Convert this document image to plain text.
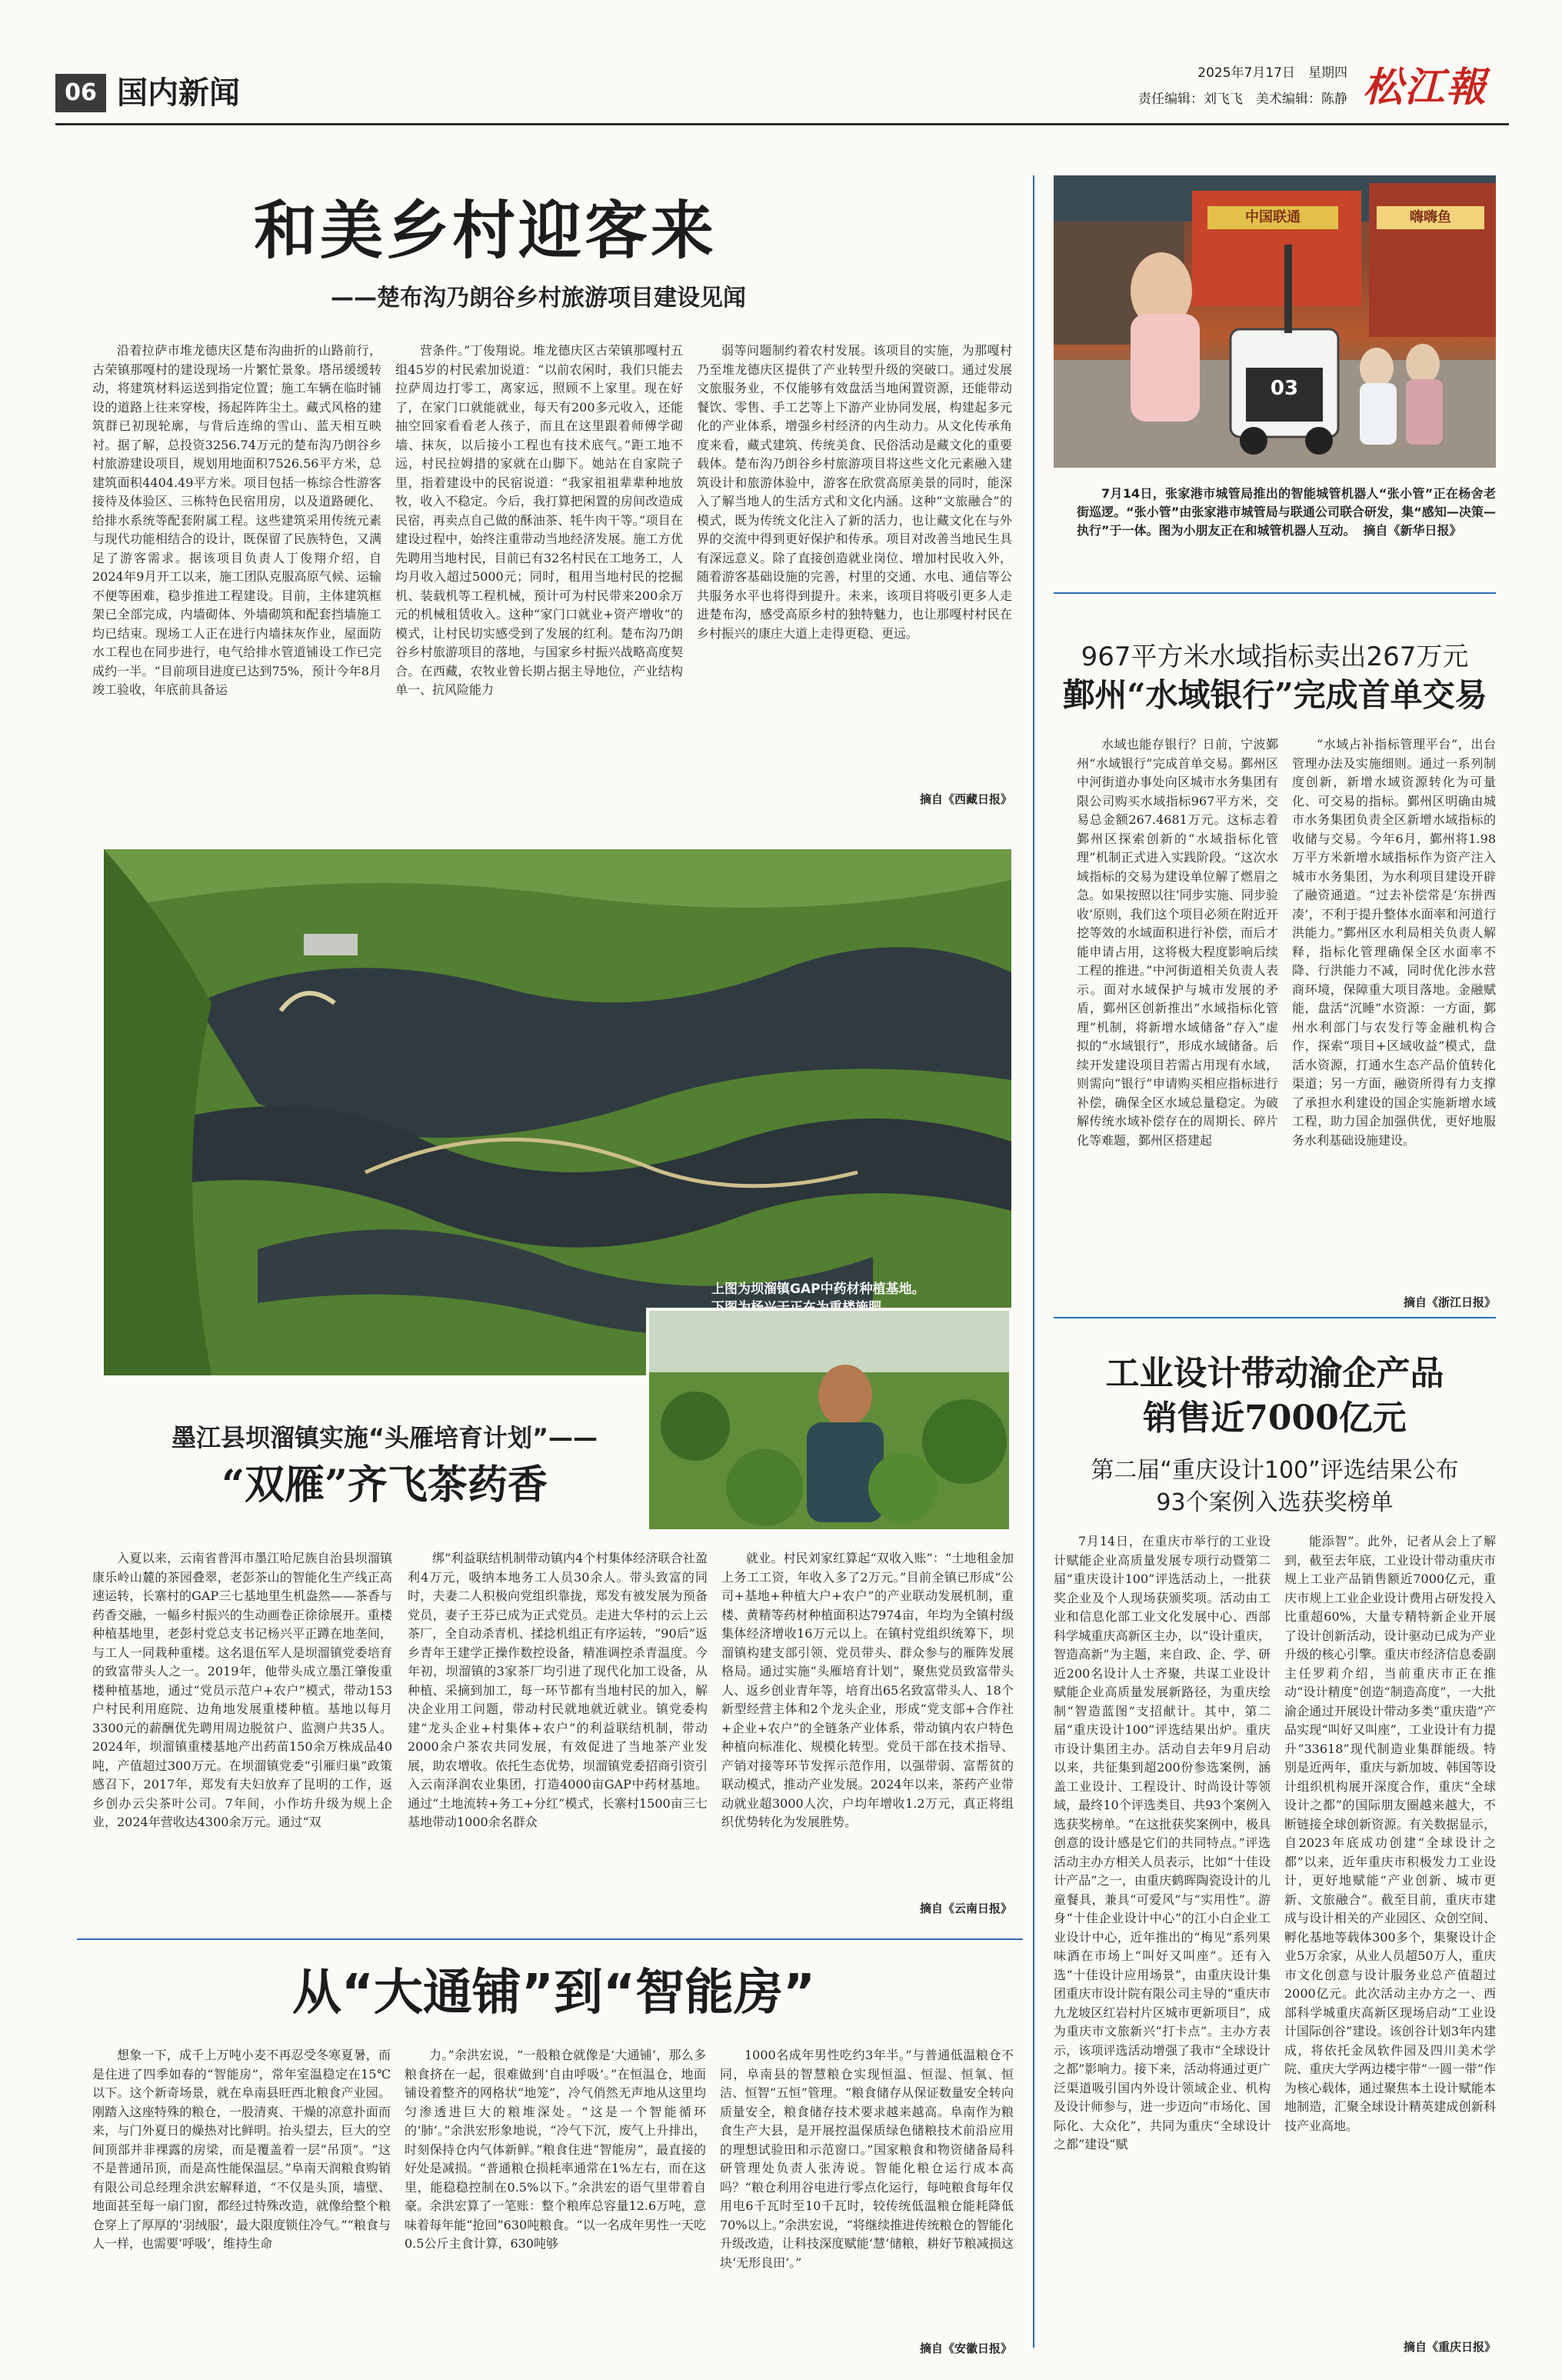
06 国内新闻
2025年7月17日　星期四
责任编辑：刘飞飞　美术编辑：陈静 松江報
和美乡村迎客来
——楚布沟乃朗谷乡村旅游项目建设见闻
沿着拉萨市堆龙德庆区楚布沟曲折的山路前行，古荣镇那嘎村的建设现场一片繁忙景象。塔吊缓缓转动，将建筑材料运送到指定位置；施工车辆在临时铺设的道路上往来穿梭，扬起阵阵尘土。藏式风格的建筑群已初现轮廓，与背后连绵的雪山、蓝天相互映衬。据了解，总投资3256.74万元的楚布沟乃朗谷乡村旅游建设项目，规划用地面积7526.56平方米，总建筑面积4404.49平方米。项目包括一栋综合性游客接待及体验区、三栋特色民宿用房，以及道路硬化、给排水系统等配套附属工程。这些建筑采用传统元素与现代功能相结合的设计，既保留了民族特色，又满足了游客需求。据该项目负责人丁俊翔介绍，自2024年9月开工以来，施工团队克服高原气候、运输不便等困难，稳步推进工程建设。目前，主体建筑框架已全部完成，内墙砌体、外墙砌筑和配套挡墙施工均已结束。现场工人正在进行内墙抹灰作业，屋面防水工程也在同步进行，电气给排水管道铺设工作已完成约一半。“目前项目进度已达到75%，预计今年8月竣工验收，年底前具备运
营条件。”丁俊翔说。堆龙德庆区古荣镇那嘎村五组45岁的村民索加说道：“以前农闲时，我们只能去拉萨周边打零工，离家远，照顾不上家里。现在好了，在家门口就能就业，每天有200多元收入，还能抽空回家看看老人孩子，而且在这里跟着师傅学砌墙、抹灰，以后接小工程也有技术底气。”距工地不远，村民拉姆措的家就在山脚下。她站在自家院子里，指着建设中的民宿说道：“我家祖祖辈辈种地放牧，收入不稳定。今后，我打算把闲置的房间改造成民宿，再卖点自己做的酥油茶、牦牛肉干等。”项目在建设过程中，始终注重带动当地经济发展。施工方优先聘用当地村民，目前已有32名村民在工地务工，人均月收入超过5000元；同时，租用当地村民的挖掘机、装载机等工程机械，预计可为村民带来200余万元的机械租赁收入。这种“家门口就业+资产增收”的模式，让村民切实感受到了发展的红利。楚布沟乃朗谷乡村旅游项目的落地，与国家乡村振兴战略高度契合。在西藏，农牧业曾长期占据主导地位，产业结构单一、抗风险能力
弱等问题制约着农村发展。该项目的实施，为那嘎村乃至堆龙德庆区提供了产业转型升级的突破口。通过发展文旅服务业，不仅能够有效盘活当地闲置资源，还能带动餐饮、零售、手工艺等上下游产业协同发展，构建起多元化的产业体系，增强乡村经济的内生动力。从文化传承角度来看，藏式建筑、传统美食、民俗活动是藏文化的重要载体。楚布沟乃朗谷乡村旅游项目将这些文化元素融入建筑设计和旅游体验中，游客在欣赏高原美景的同时，能深入了解当地人的生活方式和文化内涵。这种“文旅融合”的模式，既为传统文化注入了新的活力，也让藏文化在与外界的交流中得到更好保护和传承。项目对改善当地民生具有深远意义。除了直接创造就业岗位、增加村民收入外，随着游客基础设施的完善，村里的交通、水电、通信等公共服务水平也将得到提升。未来，该项目将吸引更多人走进楚布沟，感受高原乡村的独特魅力，也让那嘎村村民在乡村振兴的康庄大道上走得更稳、更远。
摘自《西藏日报》
中国联通	嗨嗨鱼
03
7月14日，张家港市城管局推出的智能城管机器人“张小管”正在杨舍老街巡逻。“张小管”由张家港市城管局与联通公司联合研发，集“感知—决策—执行”于一体。图为小朋友正在和城管机器人互动。 摘自《新华日报》
967平方米水域指标卖出267万元
鄞州“水域银行”完成首单交易
水域也能存银行？日前，宁波鄞州“水域银行”完成首单交易。鄞州区中河街道办事处向区城市水务集团有限公司购买水域指标967平方米，交易总金额267.4681万元。这标志着鄞州区探索创新的“水域指标化管理”机制正式进入实践阶段。“这次水域指标的交易为建设单位解了燃眉之急。如果按照以往‘同步实施、同步验收’原则，我们这个项目必须在附近开挖等效的水域面积进行补偿，而后才能申请占用，这将极大程度影响后续工程的推进。”中河街道相关负责人表示。面对水域保护与城市发展的矛盾，鄞州区创新推出“水域指标化管理”机制，将新增水域储备“存入”虚拟的“水域银行”，形成水域储备。后续开发建设项目若需占用现有水域，则需向“银行”申请购买相应指标进行补偿，确保全区水域总量稳定。为破解传统水域补偿存在的周期长、碎片化等难题，鄞州区搭建起
“水域占补指标管理平台”，出台管理办法及实施细则。通过一系列制度创新，新增水域资源转化为可量化、可交易的指标。鄞州区明确由城市水务集团负责全区新增水域指标的收储与交易。今年6月，鄞州将1.98万平方米新增水域指标作为资产注入城市水务集团，为水利项目建设开辟了融资通道。“过去补偿常是‘东拼西凑’，不利于提升整体水面率和河道行洪能力。”鄞州区水利局相关负责人解释，指标化管理确保全区水面率不降、行洪能力不减，同时优化涉水营商环境，保障重大项目落地。金融赋能，盘活“沉睡”水资源：一方面，鄞州水利部门与农发行等金融机构合作，探索“项目+区域收益”模式，盘活水资源，打通水生态产品价值转化渠道；另一方面，融资所得有力支撑了承担水利建设的国企实施新增水域工程，助力国企加强供优，更好地服务水利基础设施建设。
摘自《浙江日报》
上图为坝溜镇GAP中药材种植基地。
墨江县坝溜镇实施“头雁培育计划”——
“双雁”齐飞茶药香
入夏以来，云南省普洱市墨江哈尼族自治县坝溜镇康乐岭山麓的茶园叠翠，老彭茶山的智能化生产线正高速运转，长寨村的GAP三七基地里生机盎然——茶香与药香交融，一幅乡村振兴的生动画卷正徐徐展开。重楼种植基地里，老彭村党总支书记杨兴平正蹲在地垄间，与工人一同栽种重楼。这名退伍军人是坝溜镇党委培育的致富带头人之一。2019年，他带头成立墨江肇俊重楼种植基地，通过“党员示范户+农户”模式，带动153户村民利用庭院、边角地发展重楼种植。基地以每月3300元的薪酬优先聘用周边脱贫户、监测户共35人。2024年，坝溜镇重楼基地产出药苗150余万株成品40吨，产值超过300万元。在坝溜镇党委“引雁归巢”政策感召下，2017年，郑发有夫妇放弃了昆明的工作，返乡创办云尖茶叶公司。7年间，小作坊升级为规上企业，2024年营收达4300余万元。通过“双
绑”利益联结机制带动镇内4个村集体经济联合社盈利4万元，吸纳本地务工人员30余人。带头致富的同时，夫妻二人积极向党组织靠拢，郑发有被发展为预备党员，妻子王芬已成为正式党员。走进大华村的云上云茶厂，全自动杀青机、揉捻机组正有序运转，“90后”返乡青年王建学正操作数控设备，精准调控杀青温度。今年初，坝溜镇的3家茶厂均引进了现代化加工设备，从种植、采摘到加工，每一环节都有当地村民的加入，解决企业用工问题，带动村民就地就近就业。镇党委构建“龙头企业+村集体+农户”的利益联结机制，带动2000余户茶农共同发展，有效促进了当地茶产业发展，助农增收。依托生态优势，坝溜镇党委招商引资引入云南泽润农业集团，打造4000亩GAP中药材基地。通过“土地流转+务工+分红”模式，长寨村1500亩三七基地带动1000余名群众
就业。村民刘家红算起“双收入账”：“土地租金加上务工工资，年收入多了2万元。”目前全镇已形成“公司+基地+种植大户+农户”的产业联动发展机制，重楼、黄精等药材种植面积达7974亩，年均为全镇村级集体经济增收16万元以上。在镇村党组织统筹下，坝溜镇构建支部引领、党员带头、群众参与的雁阵发展格局。通过实施“头雁培育计划”，聚焦党员致富带头人、返乡创业青年等，培育出65名致富带头人、18个新型经营主体和2个龙头企业，形成“党支部+合作社+企业+农户”的全链条产业体系，带动镇内农户特色种植向标准化、规模化转型。党员干部在技术指导、产销对接等环节发挥示范作用，以强带弱、富帮贫的联动模式，推动产业发展。2024年以来，茶药产业带动就业超3000人次，户均年增收1.2万元，真正将组织优势转化为发展胜势。
摘自《云南日报》
从“大通铺”到“智能房”
想象一下，成千上万吨小麦不再忍受冬寒夏暑，而是住进了四季如春的“智能房”，常年室温稳定在15℃以下。这个新奇场景，就在阜南县旺西北粮食产业园。刚踏入这座特殊的粮仓，一股清爽、干燥的凉意扑面而来，与门外夏日的燥热对比鲜明。抬头望去，巨大的空间顶部并非裸露的房梁，而是覆盖着一层“吊顶”。“这不是普通吊顶，而是高性能保温层。”阜南天润粮食购销有限公司总经理余洪宏解释道，“不仅是头顶，墙壁、地面甚至每一扇门窗，都经过特殊改造，就像给整个粮仓穿上了厚厚的‘羽绒服’，最大限度锁住冷气。”“粮食与人一样，也需要‘呼吸’，维持生命
力。”余洪宏说，“一般粮仓就像是‘大通铺’，那么多粮食挤在一起，很难做到‘自由呼吸’。”在恒温仓，地面铺设着整齐的网格状“地笼”，冷气俏然无声地从这里均匀渗透进巨大的粮堆深处。“这是一个智能循环的‘肺’。”余洪宏形象地说，“冷气下沉，废气上升排出，时刻保持仓内气体新鲜。”粮食住进“智能房”，最直接的好处是减损。“普通粮仓损耗率通常在1%左右，而在这里，能稳稳控制在0.5%以下。”余洪宏的语气里带着自豪。余洪宏算了一笔账：整个粮库总容量12.6万吨，意味着每年能“抢回”630吨粮食。“以一名成年男性一天吃0.5公斤主食计算，630吨够
1000名成年男性吃约3年半。”与普通低温粮仓不同，阜南县的智慧粮仓实现恒温、恒湿、恒氧、恒洁、恒智“五恒”管理。“粮食储存从保证数量安全转向质量安全，粮食储存技术要求越来越高。阜南作为粮食生产大县，是开展控温保质绿色储粮技术前沿应用的理想试验田和示范窗口。”国家粮食和物资储备局科研管理处负责人张涛说。智能化粮仓运行成本高吗？“粮仓利用谷电进行零点化运行，每吨粮食每年仅用电6千瓦时至10千瓦时，较传统低温粮仓能耗降低70%以上。”余洪宏说，“将继续推进传统粮仓的智能化升级改造，让科技深度赋能‘慧’储粮，耕好节粮减损这块‘无形良田’。”
摘自《安徽日报》
工业设计带动渝企产品
销售近7000亿元
第二届“重庆设计100”评选结果公布
93个案例入选获奖榜单
7月14日，在重庆市举行的工业设计赋能企业高质量发展专项行动暨第二届“重庆设计100”评选活动上，一批获奖企业及个人现场获颁奖项。活动由工业和信息化部工业文化发展中心、西部科学城重庆高新区主办，以“设计重庆，智造高新”为主题，来自政、企、学、研近200名设计人士齐聚，共谋工业设计赋能企业高质量发展新路径，为重庆绘制“智造蓝图”支招献计。其中，第二届“重庆设计100”评选结果出炉。重庆市设计集团主办。活动自去年9月启动以来，共征集到超200份参选案例，涵盖工业设计、工程设计、时尚设计等领域，最终10个评选类目、共93个案例入选获奖榜单。“在这批获奖案例中，极具创意的设计感是它们的共同特点。”评选活动主办方相关人员表示，比如“十佳设计产品”之一，由重庆鹤晖陶瓷设计的儿童餐具，兼具“可爱风”与“实用性”。游身“十佳企业设计中心”的江小白企业工业设计中心，近年推出的“梅见”系列果味酒在市场上“叫好又叫座”。还有入选“十佳设计应用场景”，由重庆设计集团重庆市设计院有限公司主导的“重庆市九龙坡区红岩村片区城市更新项目”，成为重庆市文旅新兴“打卡点”。主办方表示，该项评选活动增强了我市“全球设计之都”影响力。接下来，活动将通过更广泛渠道吸引国内外设计领域企业、机构及设计师参与，进一步迈向“市场化、国际化、大众化”，共同为重庆“全球设计之都”建设“赋
能添智”。此外，记者从会上了解到，截至去年底，工业设计带动重庆市规上工业产品销售额近7000亿元，重庆市规上工业企业设计费用占研发投入比重超60%，大量专精特新企业开展了设计创新活动，设计驱动已成为产业升级的核心引擎。重庆市经济信息委副主任罗莉介绍，当前重庆市正在推动“设计精度”创造“制造高度”，一大批渝企通过开展设计带动多类“重庆造”产品实现“叫好又叫座”，工业设计有力提升“33618”现代制造业集群能级。特别是近两年，重庆与新加坡、韩国等设计组织机构展开深度合作，重庆“全球设计之都”的国际朋友圈越来越大，不断链接全球创新资源。有关数据显示，自2023年底成功创建“全球设计之都”以来，近年重庆市积极发力工业设计，更好地赋能“产业创新、城市更新、文旅融合”。截至目前，重庆市建成与设计相关的产业园区、众创空间、孵化基地等载体300多个，集聚设计企业5万余家，从业人员超50万人，重庆市文化创意与设计服务业总产值超过2000亿元。此次活动主办方之一、西部科学城重庆高新区现场启动“工业设计国际创谷”建设。该创谷计划3年内建成，将依托金凤软件园及四川美术学院、重庆大学两边楼宇带“一圆一带”作为核心载体，通过聚焦本土设计赋能本地制造，汇聚全球设计精英建成创新科技产业高地。
摘自《重庆日报》
